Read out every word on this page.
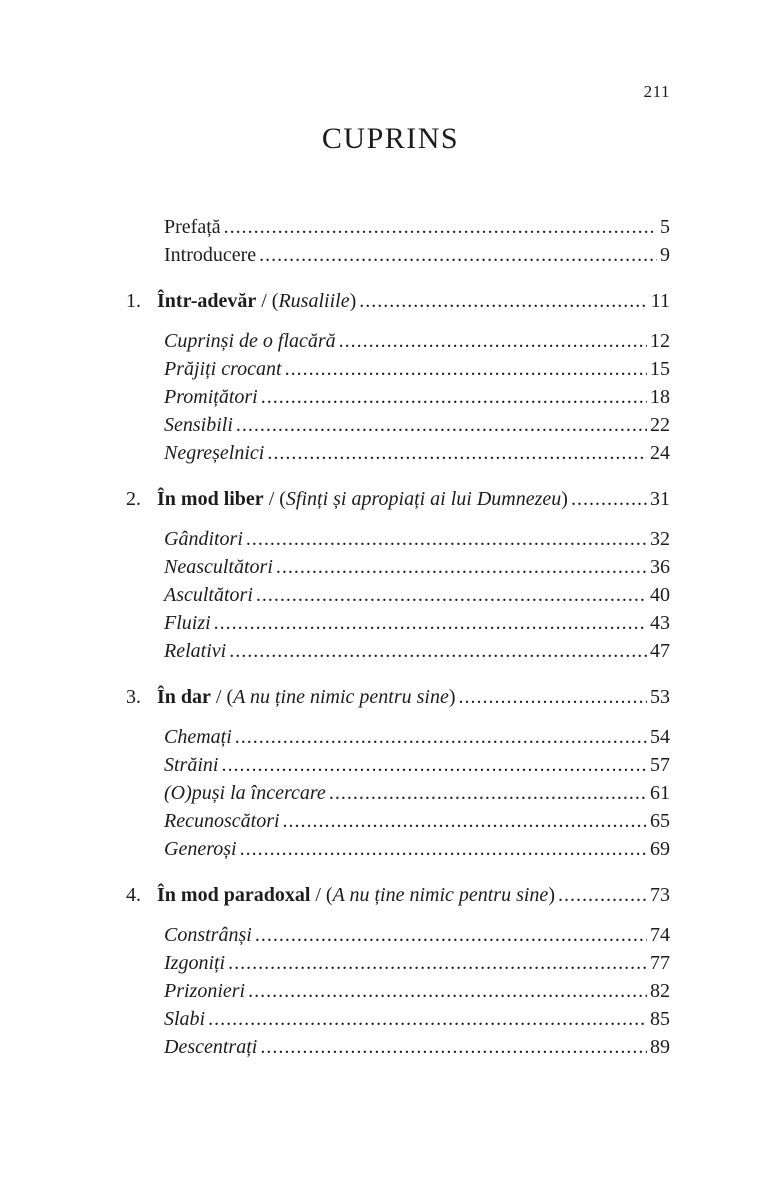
211
CUPRINS
Prefață .....	5
Introducere .....	9
1. Într-adevăr / (Rusaliile) .....	11
Cuprinși de o flacără .....	12
Prăjiți crocant .....	15
Promițători .....	18
Sensibili .....	22
Negreșelnici .....	24
2. În mod liber / (Sfinți și apropiați ai lui Dumnezeu) .....	31
Gânditori .....	32
Neascultători .....	36
Ascultători .....	40
Fluizi .....	43
Relativi .....	47
3. În dar / (A nu ține nimic pentru sine) .....	53
Chemați .....	54
Străini .....	57
(O)puși la încercare .....	61
Recunoscători .....	65
Generoși .....	69
4. În mod paradoxal / (A nu ține nimic pentru sine) .....	73
Constrânși .....	74
Izgoniți .....	77
Prizonieri .....	82
Slabi .....	85
Descentrați .....	89
